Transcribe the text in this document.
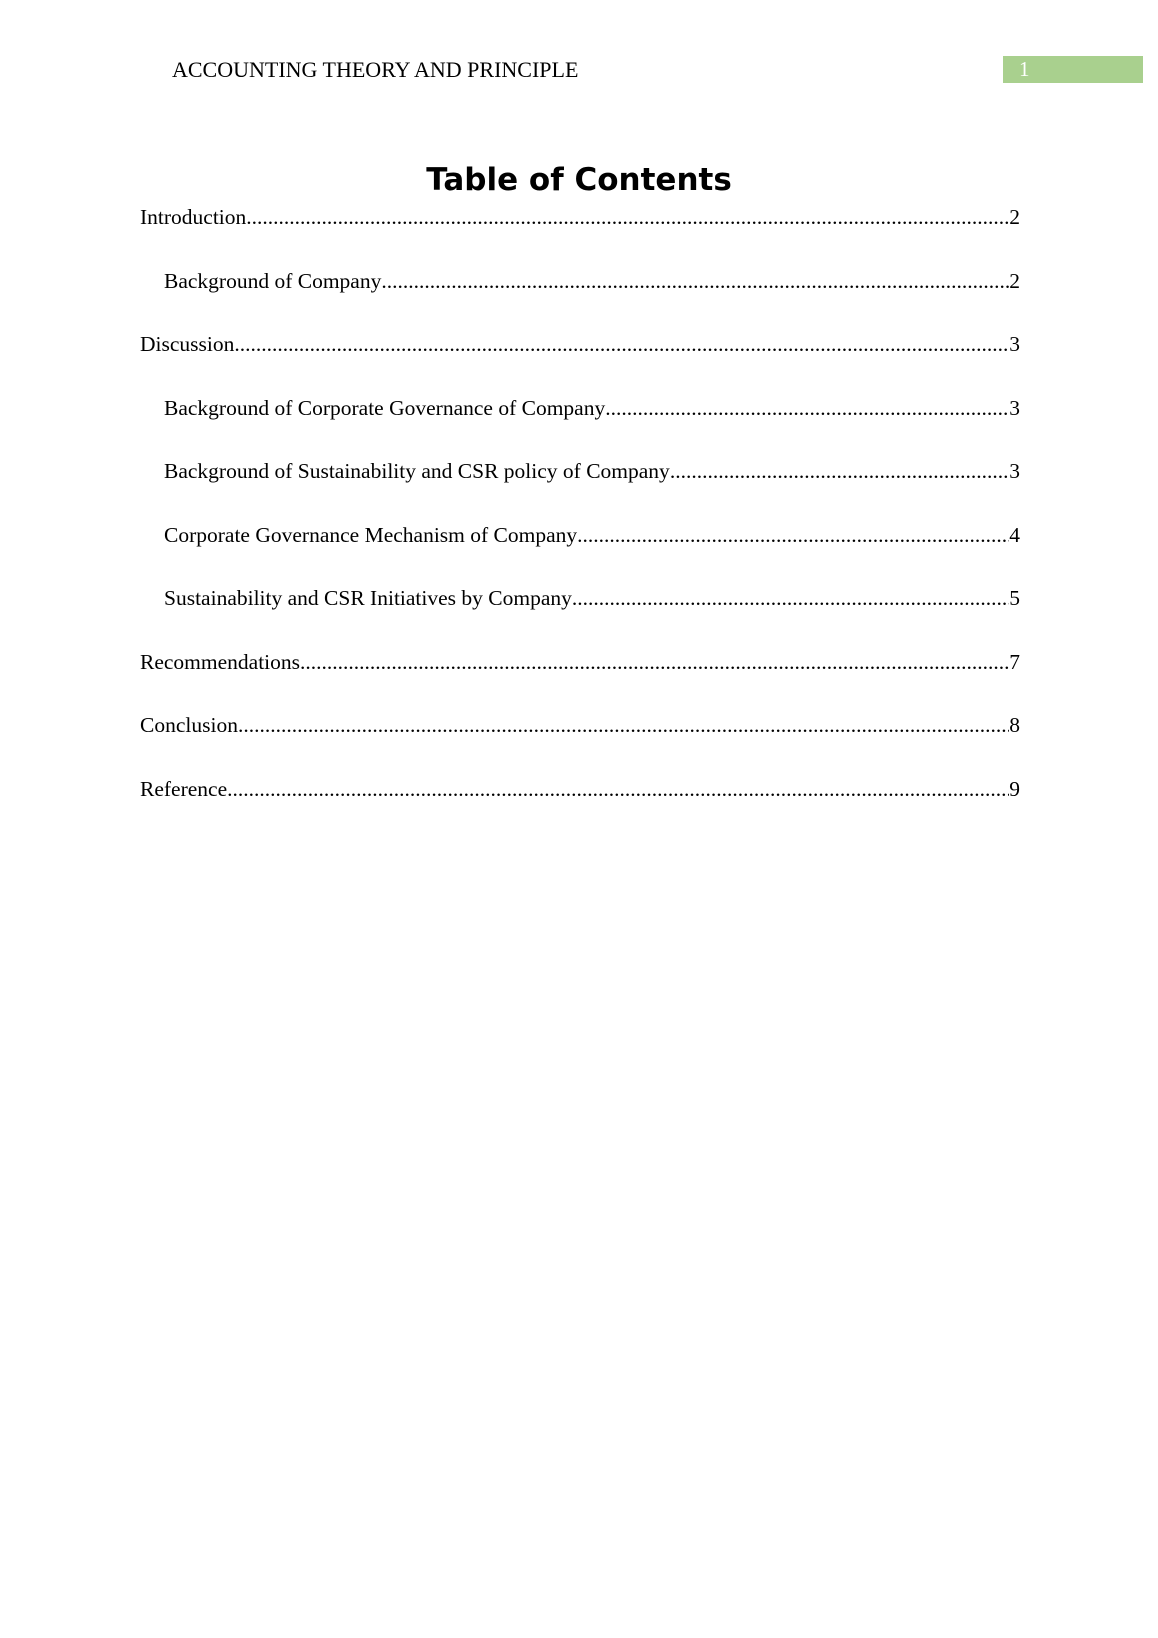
ACCOUNTING THEORY AND PRINCIPLE	1
Table of Contents
Introduction .....	2
Background of Company .....	2
Discussion .....	3
Background of Corporate Governance of Company .....	3
Background of Sustainability and CSR policy of Company .....	3
Corporate Governance Mechanism of Company .....	4
Sustainability and CSR Initiatives by Company .....	5
Recommendations .....	7
Conclusion .....	8
Reference .....	9
